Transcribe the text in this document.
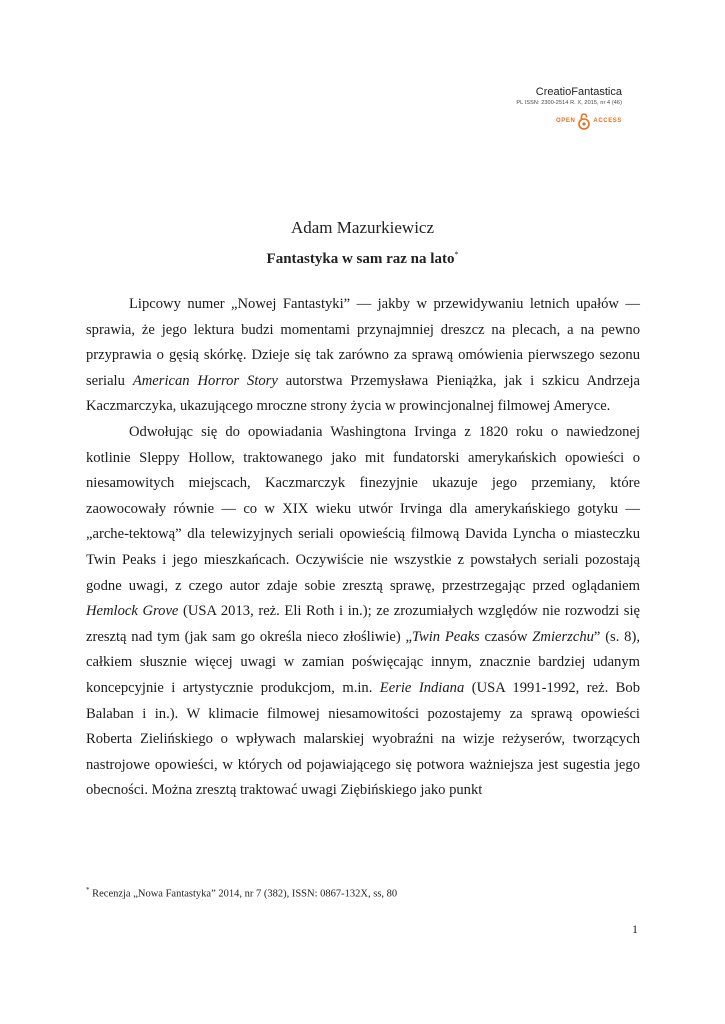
CreatioFantastica
PL ISSN: 2300-2514 R. X, 2015, nr 4 (46)
OPEN	ACCESS
Adam Mazurkiewicz
Fantastyka w sam raz na lato*

Lipcowy numer „Nowej Fantastyki” — jakby w przewidywaniu letnich upałów — sprawia, że jego lektura budzi momentami przynajmniej dreszcz na plecach, a na pewno przyprawia o gęsią skórkę. Dzieje się tak zarówno za sprawą omówienia pierwszego sezonu serialu American Horror Story autorstwa Przemysława Pieniążka, jak i szkicu Andrzeja Kaczmarczyka, ukazującego mroczne strony życia w prowincjonalnej filmowej Ameryce.

Odwołując się do opowiadania Washingtona Irvinga z 1820 roku o nawiedzonej kotlinie Sleppy Hollow, traktowanego jako mit fundatorski amerykańskich opowieści o niesamowitych miejscach, Kaczmarczyk finezyjnie ukazuje jego przemiany, które zaowocowały równie — co w XIX wieku utwór Irvinga dla amerykańskiego gotyku — „arche-tektową” dla telewizyjnych seriali opowieścią filmową Davida Lyncha o miasteczku Twin Peaks i jego mieszkańcach. Oczywiście nie wszystkie z powstałych seriali pozostają godne uwagi, z czego autor zdaje sobie zresztą sprawę, przestrzegając przed oglądaniem Hemlock Grove (USA 2013, reż. Eli Roth i in.); ze zrozumiałych względów nie rozwodzi się zresztą nad tym (jak sam go określa nieco złośliwie) „Twin Peaks czasów Zmierzchu” (s. 8), całkiem słusznie więcej uwagi w zamian poświęcając innym, znacznie bardziej udanym koncepcyjnie i artystycznie produkcjom, m.in. Eerie Indiana (USA 1991-1992, reż. Bob Balaban i in.). W klimacie filmowej niesamowitości pozostajemy za sprawą opowieści Roberta Zielińskiego o wpływach malarskiej wyobraźni na wizje reżyserów, tworzących nastrojowe opowieści, w których od pojawiającego się potwora ważniejsza jest sugestia jego obecności. Można zresztą traktować uwagi Ziębińskiego jako punkt

* Recenzja „Nowa Fantastyka” 2014, nr 7 (382), ISSN: 0867-132X, ss, 80
1
